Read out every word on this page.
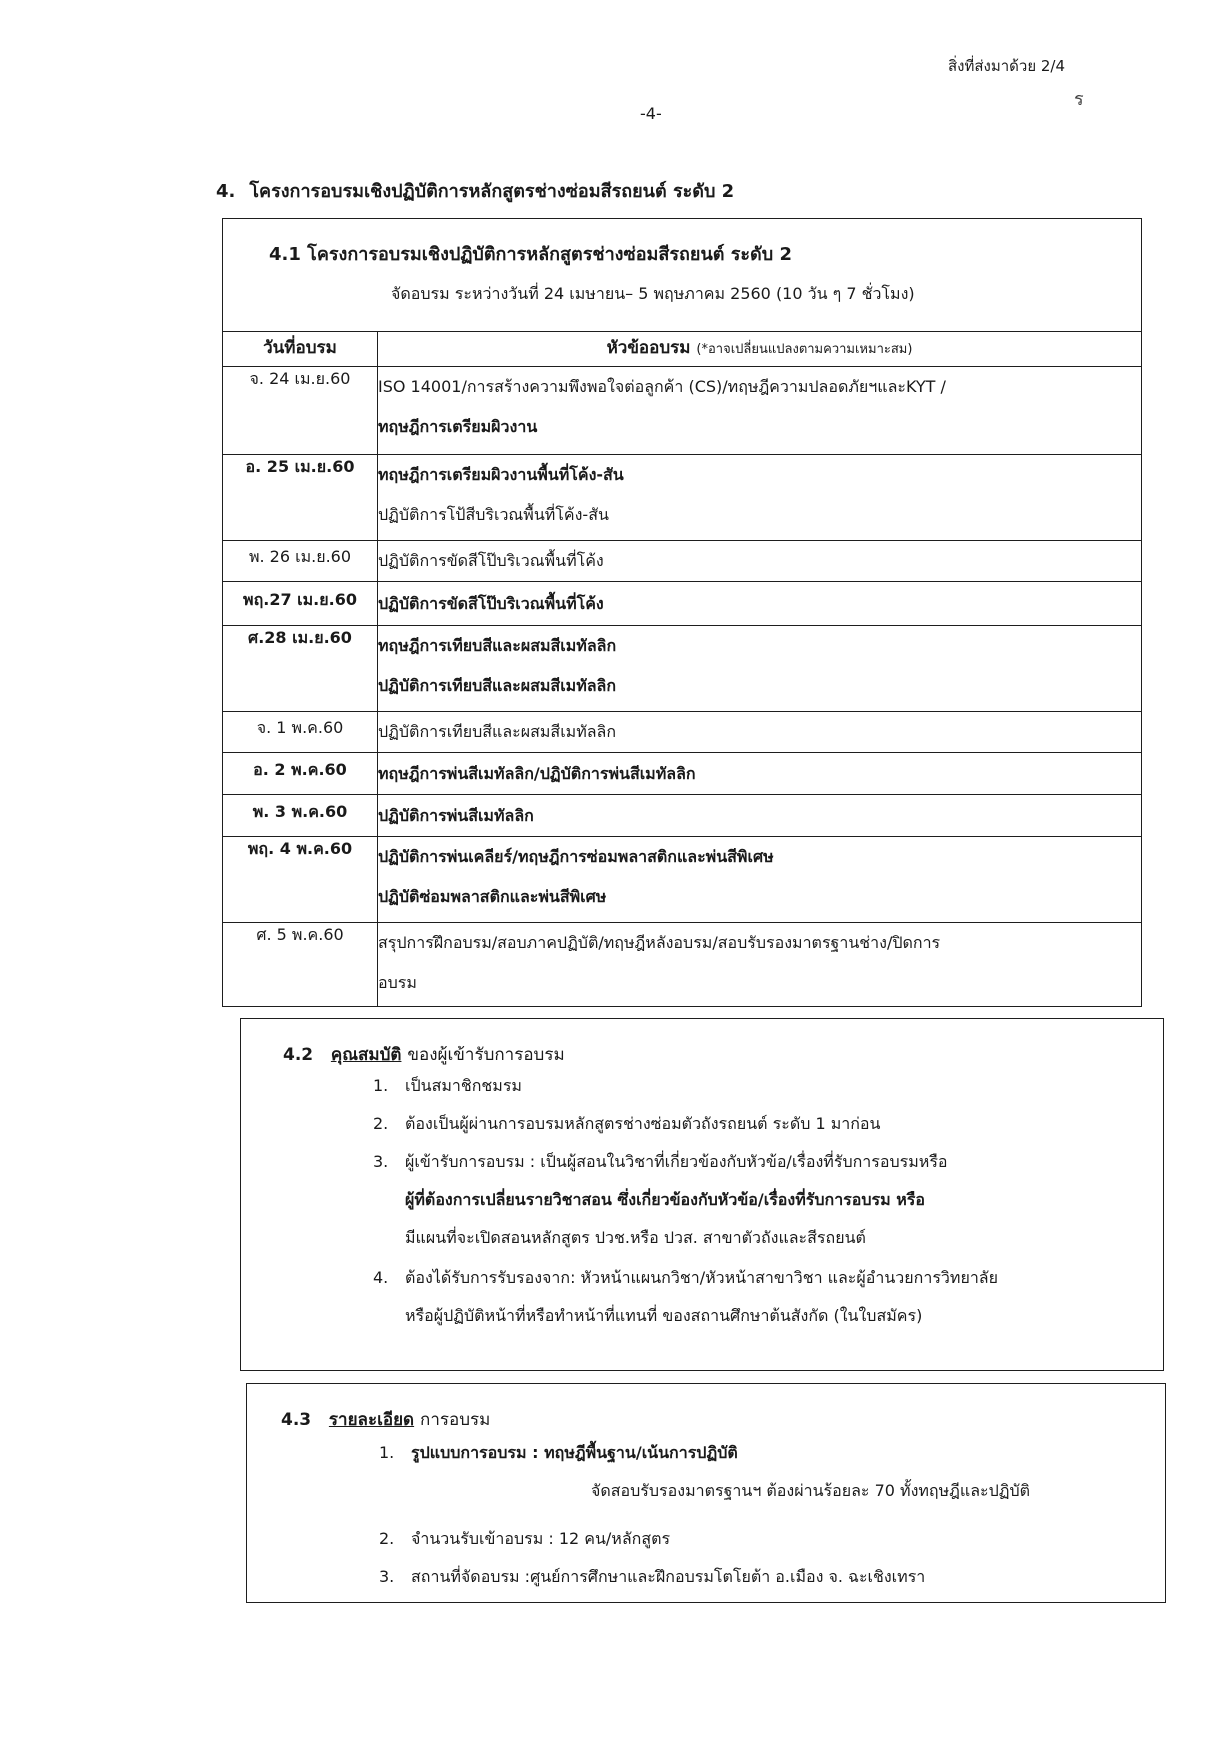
สิ่งที่ส่งมาด้วย 2/4
ร
-4-
4. โครงการอบรมเชิงปฏิบัติการหลักสูตรช่างซ่อมสีรถยนต์ ระดับ 2
4.1 โครงการอบรมเชิงปฏิบัติการหลักสูตรช่างซ่อมสีรถยนต์ ระดับ 2
จัดอบรม ระหว่างวันที่ 24 เมษายน– 5 พฤษภาคม 2560 (10 วัน ๆ 7 ชั่วโมง)	

วันที่อบรม	หัวข้ออบรม (*อาจเปลี่ยนแปลงตามความเหมาะสม)
จ. 24 เม.ย.60	ISO 14001/การสร้างความพึงพอใจต่อลูกค้า (CS)/ทฤษฎีความปลอดภัยฯและKYT /
ทฤษฎีการเตรียมผิวงาน

อ. 25 เม.ย.60	ทฤษฎีการเตรียมผิวงานพื้นที่โค้ง-สัน
ปฏิบัติการโป้สีบริเวณพื้นที่โค้ง-สัน

พ. 26 เม.ย.60	ปฏิบัติการขัดสีโป๊บริเวณพื้นที่โค้ง

พฤ.27 เม.ย.60	ปฏิบัติการขัดสีโป๊บริเวณพื้นที่โค้ง

ศ.28 เม.ย.60	ทฤษฎีการเทียบสีและผสมสีเมทัลลิก
ปฏิบัติการเทียบสีและผสมสีเมทัลลิก

จ. 1 พ.ค.60	ปฏิบัติการเทียบสีและผสมสีเมทัลลิก

อ. 2 พ.ค.60	ทฤษฎีการพ่นสีเมทัลลิก/ปฏิบัติการพ่นสีเมทัลลิก

พ. 3 พ.ค.60	ปฏิบัติการพ่นสีเมทัลลิก

พฤ. 4 พ.ค.60	ปฏิบัติการพ่นเคลียร์/ทฤษฎีการซ่อมพลาสติกและพ่นสีพิเศษ
ปฏิบัติซ่อมพลาสติกและพ่นสีพิเศษ

ศ. 5 พ.ค.60	สรุปการฝึกอบรม/สอบภาคปฏิบัติ/ทฤษฎีหลังอบรม/สอบรับรองมาตรฐานช่าง/ปิดการ
อบรม
4.2 คุณสมบัติ ของผู้เข้ารับการอบรม
1. เป็นสมาชิกชมรม
2. ต้องเป็นผู้ผ่านการอบรมหลักสูตรช่างซ่อมตัวถังรถยนต์ ระดับ 1 มาก่อน
3. ผู้เข้ารับการอบรม : เป็นผู้สอนในวิชาที่เกี่ยวข้องกับหัวข้อ/เรื่องที่รับการอบรมหรือ
ผู้ที่ต้องการเปลี่ยนรายวิชาสอน ซึ่งเกี่ยวข้องกับหัวข้อ/เรื่องที่รับการอบรม หรือ
มีแผนที่จะเปิดสอนหลักสูตร ปวช.หรือ ปวส. สาขาตัวถังและสีรถยนต์
4. ต้องได้รับการรับรองจาก: หัวหน้าแผนกวิชา/หัวหน้าสาขาวิชา และผู้อำนวยการวิทยาลัย
หรือผู้ปฏิบัติหน้าที่หรือทำหน้าที่แทนที่ ของสถานศึกษาต้นสังกัด (ในใบสมัคร)
4.3 รายละเอียด การอบรม
1. รูปแบบการอบรม : ทฤษฎีพื้นฐาน/เน้นการปฏิบัติ
จัดสอบรับรองมาตรฐานฯ ต้องผ่านร้อยละ 70 ทั้งทฤษฎีและปฏิบัติ
2. จำนวนรับเข้าอบรม : 12 คน/หลักสูตร
3. สถานที่จัดอบรม :ศูนย์การศึกษาและฝึกอบรมโตโยต้า อ.เมือง จ. ฉะเชิงเทรา
